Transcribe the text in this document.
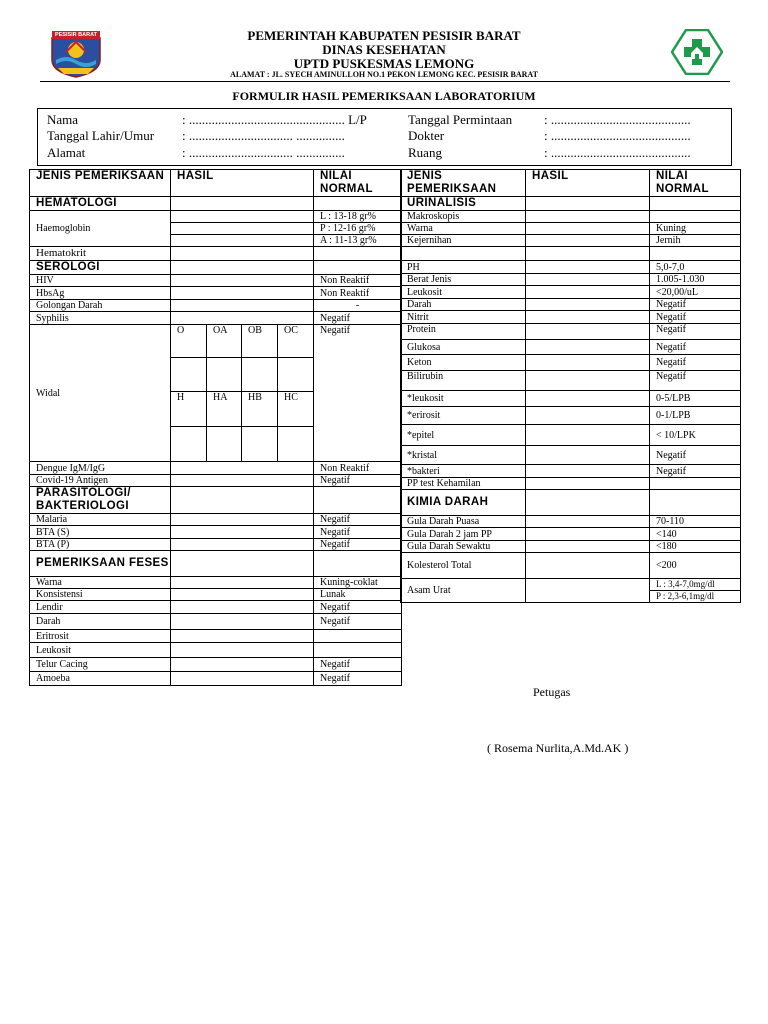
PESISIR BARAT	PEMERINTAH KABUPATEN PESISIR BARAT
DINAS KESEHATAN
UPTD PUSKESMAS LEMONG
ALAMAT : JL. SYECH AMINULLOH NO.1 PEKON LEMONG KEC. PESISIR BARAT
FORMULIR HASIL PEMERIKSAAN LABORATORIUM
Nama	: ................................................ L/P
Tanggal Lahir/Umur : ................................ ...............
Alamat	: ................................ ...............
Tanggal Permintaan : ...........................................
Dokter	: ...........................................
Ruang	: ...........................................
JENIS PEMERIKSAAN	HASIL				NILAI NORMAL
HEMATOLOGI					
Haemoglobin					L : 13-18 gr%
					P : 12-16 gr%
					A : 11-13 gr%
Hematokrit					
SEROLOGI					
HIV					Non Reaktif
HbsAg					Non Reaktif
Golongan Darah					-
Syphilis					Negatif
Widal	O	OA	OB	OC	Negatif

	H	HA	HB	HC	

Dengue IgM/IgG					Non Reaktif
Covid-19 Antigen					Negatif
PARASITOLOGI/ BAKTERIOLOGI					
Malaria					Negatif
BTA (S)					Negatif
BTA (P)					Negatif
PEMERIKSAAN FESES					
Warna					Kuning-coklat
Konsistensi					Lunak
Lendir					Negatif
Darah					Negatif
Eritrosit					
Leukosit					
Telur Cacing					Negatif
Amoeba					Negatif
JENIS PEMERIKSAAN	HASIL	NILAI NORMAL
URINALISIS		
Makroskopis		
Warna		Kuning
Kejernihan		Jernih

PH		5,0-7,0
Berat Jenis		1.005-1.030
Leukosit		<20,00/uL
Darah		Negatif
Nitrit		Negatif
Protein		Negatif
Glukosa		Negatif
Keton		Negatif
Bilirubin		Negatif
*leukosit		0-5/LPB
*erirosit		0-1/LPB
*epitel		< 10/LPK
*kristal		Negatif
*bakteri		Negatif
PP test Kehamilan		
KIMIA DARAH		
Gula Darah Puasa		70-110
Gula Darah 2 jam PP		<140
Gula Darah Sewaktu		<180
Kolesterol Total		<200
Asam Urat		L : 3,4-7,0mg/dl
		P : 2,3-6,1mg/dl
Petugas
( Rosema Nurlita,A.Md.AK )
